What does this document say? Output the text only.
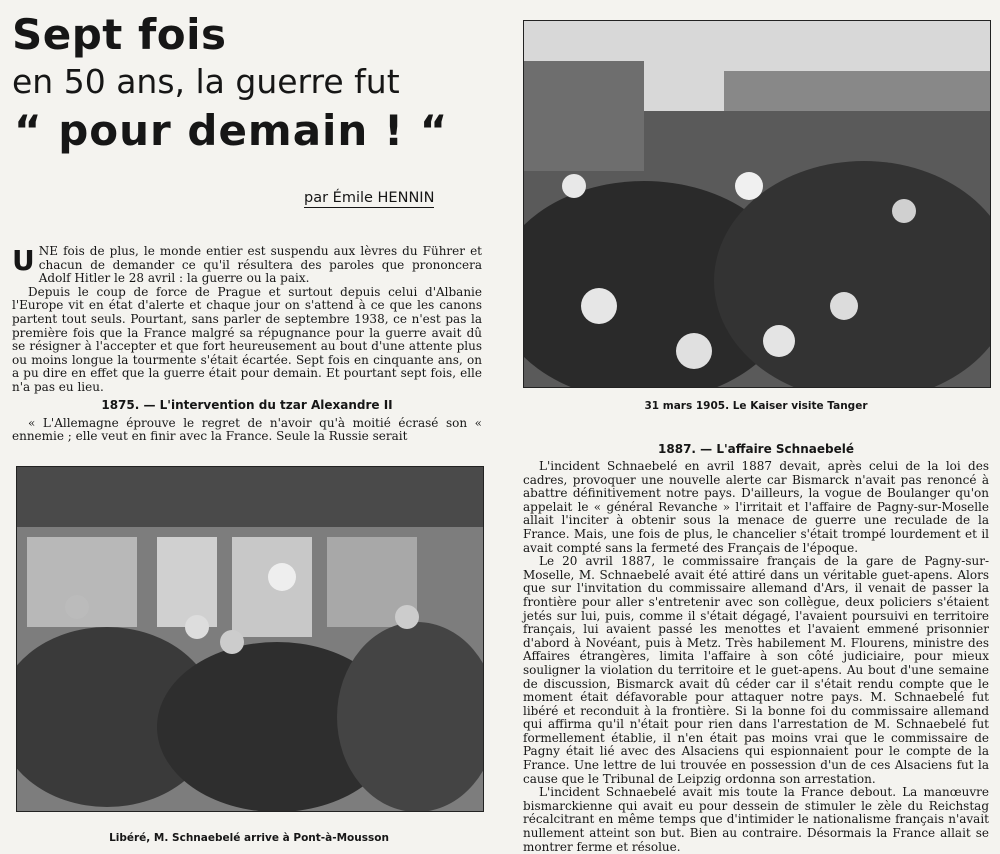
Sept fois
en 50 ans, la guerre fut
“ pour demain ! “
par Émile HENNIN

UNE fois de plus, le monde entier est suspendu aux lèvres du Führer et chacun de demander ce qu'il résultera des paroles que prononcera Adolf Hitler le 28 avril : la guerre ou la paix.

Depuis le coup de force de Prague et surtout depuis celui d'Albanie l'Europe vit en état d'alerte et chaque jour on s'attend à ce que les canons partent tout seuls. Pourtant, sans parler de septembre 1938, ce n'est pas la première fois que la France malgré sa répugnance pour la guerre avait dû se résigner à l'accepter et que fort heureusement au bout d'une attente plus ou moins longue la tourmente s'était écartée. Sept fois en cinquante ans, on a pu dire en effet que la guerre était pour demain. Et pourtant sept fois, elle n'a pas eu lieu.

1875. — L'intervention du tzar Alexandre II

« L'Allemagne éprouve le regret de n'avoir qu'à moitié écrasé son « ennemie ; elle veut en finir avec la France. Seule la Russie serait

Libéré, M. Schnaebelé arrive à Pont-à-Mousson
31 mars 1905. Le Kaiser visite Tanger
1887. — L'affaire Schnaebelé

L'incident Schnaebelé en avril 1887 devait, après celui de la loi des cadres, provoquer une nouvelle alerte car Bismarck n'avait pas renoncé à abattre définitivement notre pays. D'ailleurs, la vogue de Boulanger qu'on appelait le « général Revanche » l'irritait et l'affaire de Pagny-sur-Moselle allait l'inciter à obtenir sous la menace de guerre une reculade de la France. Mais, une fois de plus, le chancelier s'était trompé lourdement et il avait compté sans la fermeté des Français de l'époque.

Le 20 avril 1887, le commissaire français de la gare de Pagny-sur-Moselle, M. Schnaebelé avait été attiré dans un véritable guet-apens. Alors que sur l'invitation du commissaire allemand d'Ars, il venait de passer la frontière pour aller s'entretenir avec son collègue, deux policiers s'étaient jetés sur lui, puis, comme il s'était dégagé, l'avaient poursuivi en territoire français, lui avaient passé les menottes et l'avaient emmené prisonnier d'abord à Novéant, puis à Metz. Très habilement M. Flourens, ministre des Affaires étrangères, limita l'affaire à son côté judiciaire, pour mieux souligner la violation du territoire et le guet-apens. Au bout d'une semaine de discussion, Bismarck avait dû céder car il s'était rendu compte que le moment était défavorable pour attaquer notre pays. M. Schnaebelé fut libéré et reconduit à la frontière. Si la bonne foi du commissaire allemand qui affirma qu'il n'était pour rien dans l'arrestation de M. Schnaebelé fut formellement établie, il n'en était pas moins vrai que le commissaire de Pagny était lié avec des Alsaciens qui espionnaient pour le compte de la France. Une lettre de lui trouvée en possession d'un de ces Alsaciens fut la cause que le Tribunal de Leipzig ordonna son arrestation.

L'incident Schnaebelé avait mis toute la France debout. La manœuvre bismarckienne qui avait eu pour dessein de stimuler le zèle du Reichstag récalcitrant en même temps que d'intimider le nationalisme français n'avait nullement atteint son but. Bien au contraire. Désormais la France allait se montrer ferme et résolue.
